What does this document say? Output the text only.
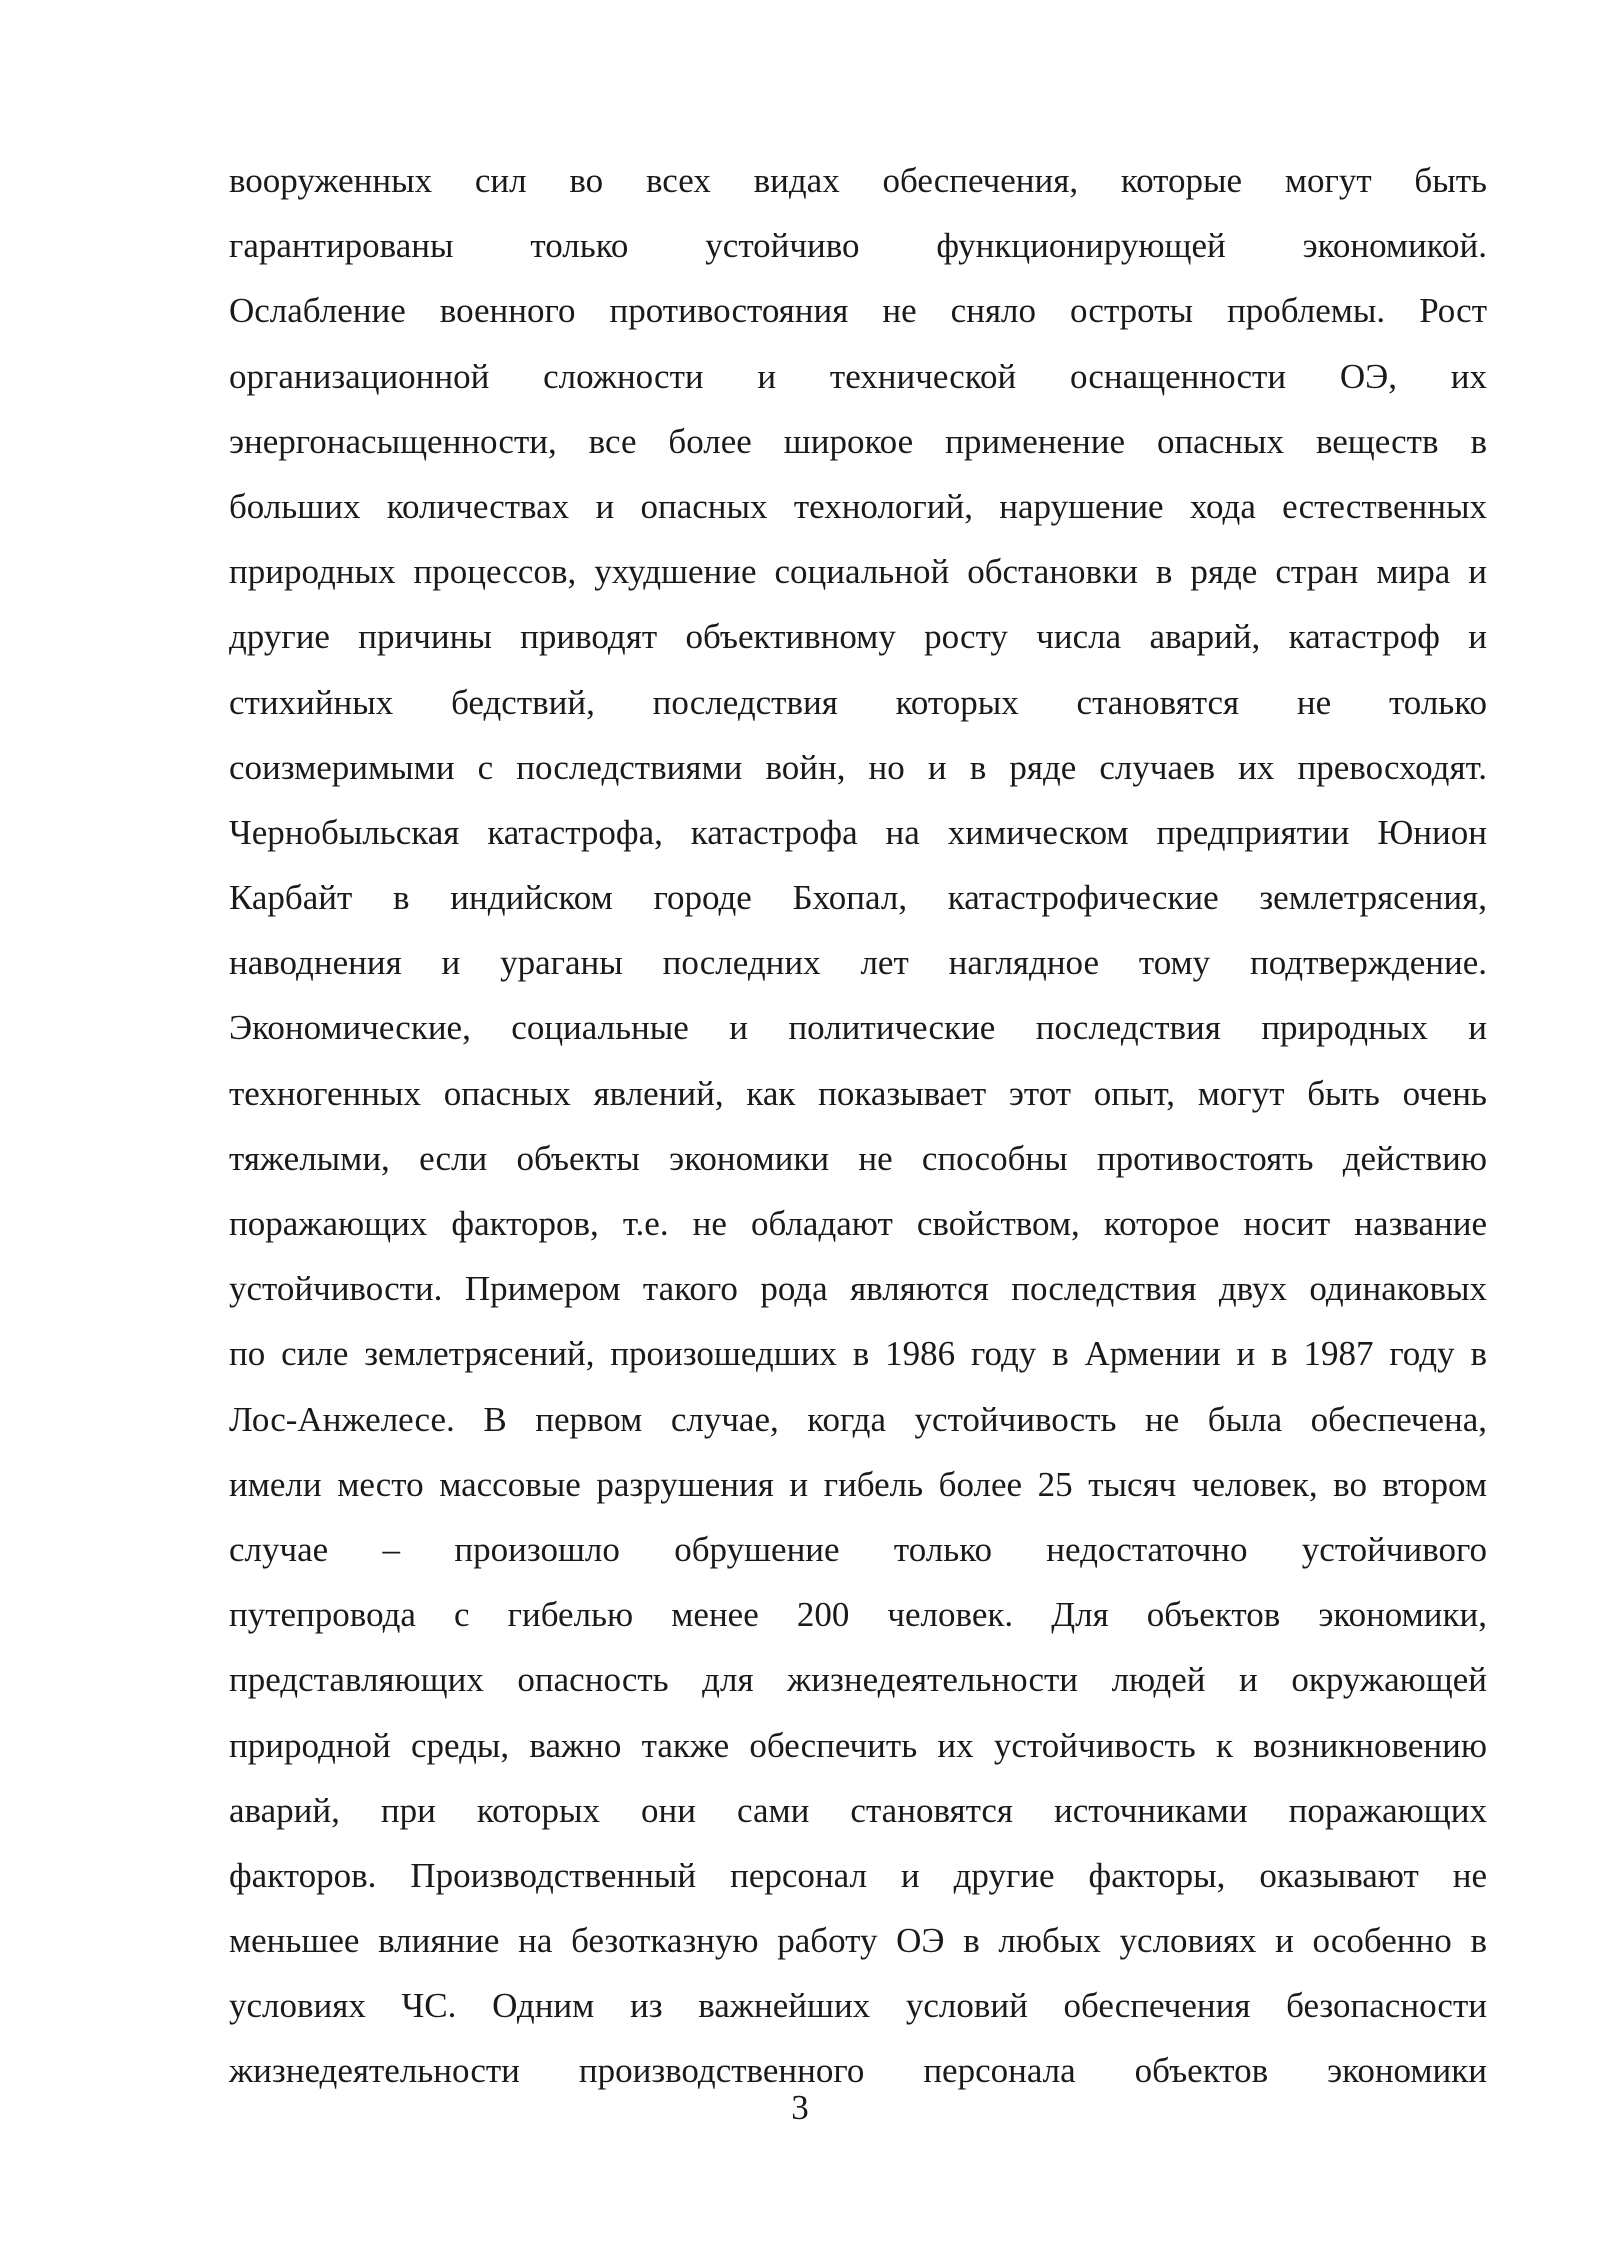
вооруженных сил во всех видах обеспечения, которые могут быть
гарантированы только устойчиво функционирующей экономикой.
Ослабление военного противостояния не сняло остроты проблемы. Рост
организационной сложности и технической оснащенности ОЭ, их
энергонасыщенности, все более широкое применение опасных веществ в
больших количествах и опасных технологий, нарушение хода естественных
природных процессов, ухудшение социальной обстановки в ряде стран мира и
другие причины приводят объективному росту числа аварий, катастроф и
стихийных бедствий, последствия которых становятся не только
соизмеримыми с последствиями войн, но и в ряде случаев их превосходят.
Чернобыльская катастрофа, катастрофа на химическом предприятии Юнион
Карбайт в индийском городе Бхопал, катастрофические землетрясения,
наводнения и ураганы последних лет наглядное тому подтверждение.
Экономические, социальные и политические последствия природных и
техногенных опасных явлений, как показывает этот опыт, могут быть очень
тяжелыми, если объекты экономики не способны противостоять действию
поражающих факторов, т.е. не обладают свойством, которое носит название
устойчивости. Примером такого рода являются последствия двух одинаковых
по силе землетрясений, произошедших в 1986 году в Армении и в 1987 году в
Лос-Анжелесе. В первом случае, когда устойчивость не была обеспечена,
имели место массовые разрушения и гибель более 25 тысяч человек, во втором
случае – произошло обрушение только недостаточно устойчивого
путепровода с гибелью менее 200 человек. Для объектов экономики,
представляющих опасность для жизнедеятельности людей и окружающей
природной среды, важно также обеспечить их устойчивость к возникновению
аварий, при которых они сами становятся источниками поражающих
факторов. Производственный персонал и другие факторы, оказывают не
меньшее влияние на безотказную работу ОЭ в любых условиях и особенно в
условиях ЧС. Одним из важнейших условий обеспечения безопасности
жизнедеятельности производственного персонала объектов экономики
3
